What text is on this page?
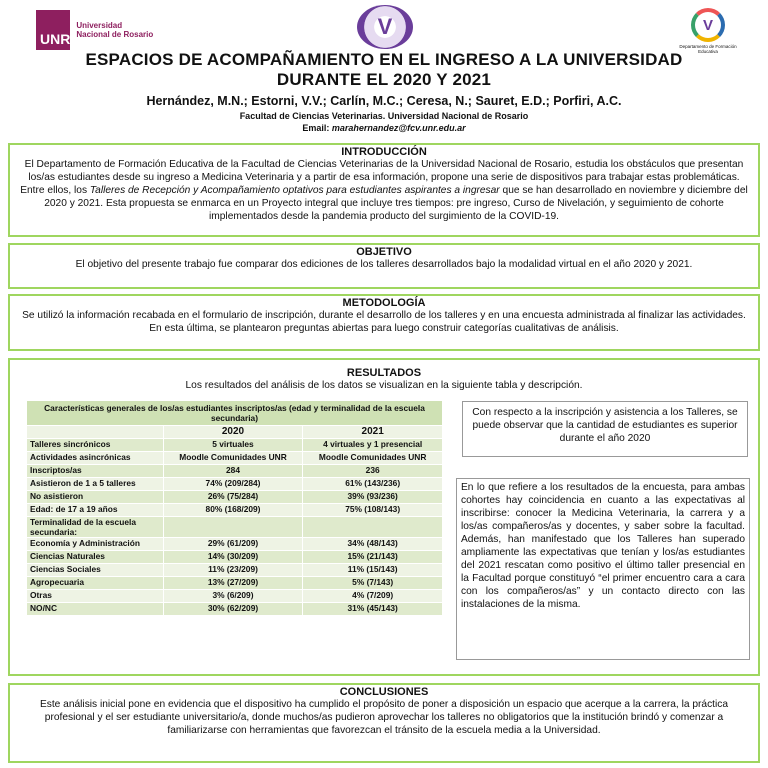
UNR
Universidad Nacional de Rosario	V	V
Departamento de Formación Educativa
ESPACIOS DE ACOMPAÑAMIENTO EN EL INGRESO A LA UNIVERSIDAD DURANTE EL 2020 Y 2021
Hernández, M.N.; Estorni, V.V.; Carlín, M.C.; Ceresa, N.; Sauret, E.D.; Porfiri, A.C.
Facultad de Ciencias Veterinarias. Universidad Nacional de Rosario
Email: marahernandez@fcv.unr.edu.ar
INTRODUCCIÓN
El Departamento de Formación Educativa de la Facultad de Ciencias Veterinarias de la Universidad Nacional de Rosario, estudia los obstáculos que presentan los/as estudiantes desde su ingreso a Medicina Veterinaria y a partir de esa información, propone una serie de dispositivos para trabajar estas problemáticas. Entre ellos, los Talleres de Recepción y Acompañamiento optativos para estudiantes aspirantes a ingresar que se han desarrollado en noviembre y diciembre del 2020 y 2021. Esta propuesta se enmarca en un Proyecto integral que incluye tres tiempos: pre ingreso, Curso de Nivelación, y seguimiento de cohorte implementados desde la pandemia producto del surgimiento de la COVID-19.
OBJETIVO
El objetivo del presente trabajo fue comparar dos ediciones de los talleres desarrollados bajo la modalidad virtual en el año 2020 y 2021.
METODOLOGÍA
Se utilizó la información recabada en el formulario de inscripción, durante el desarrollo de los talleres y en una encuesta administrada al finalizar las actividades. En esta última, se plantearon preguntas abiertas para luego construir categorías cualitativas de análisis.
RESULTADOS
Los resultados del análisis de los datos se visualizan en la siguiente tabla y descripción.
Características generales de los/as estudiantes inscriptos/as (edad y terminalidad de la escuela secundaria)		
	2020	2021
Talleres sincrónicos	5 virtuales	4 virtuales y 1 presencial
Actividades asincrónicas	Moodle Comunidades UNR	Moodle Comunidades UNR
Inscriptos/as	284	236
Asistieron de 1 a 5 talleres	74% (209/284)	61% (143/236)
No asistieron	26% (75/284)	39% (93/236)
Edad: de 17 a 19 años	80% (168/209)	75% (108/143)
Terminalidad de la escuela secundaria:		
Economía y Administración	29% (61/209)	34% (48/143)
Ciencias Naturales	14% (30/209)	15% (21/143)
Ciencias Sociales	11% (23/209)	11% (15/143)
Agropecuaria	13% (27/209)	5% (7/143)
Otras	3% (6/209)	4% (7/209)
NO/NC	30% (62/209)	31% (45/143)
Con respecto a la inscripción y asistencia a los Talleres, se puede observar que la cantidad de estudiantes es superior durante el año 2020
En lo que refiere a los resultados de la encuesta, para ambas cohortes hay coincidencia en cuanto a las expectativas al inscribirse: conocer la Medicina Veterinaria, la carrera y a los/as compañeros/as y docentes, y saber sobre la facultad. Además, han manifestado que los Talleres han superado ampliamente las expectativas que tenían y los/as estudiantes del 2021 rescatan como positivo el último taller presencial en la Facultad porque constituyó “el primer encuentro cara a cara con los compañeros/as” y un contacto directo con las instalaciones de la misma.
CONCLUSIONES
Este análisis inicial pone en evidencia que el dispositivo ha cumplido el propósito de poner a disposición un espacio que acerque a la carrera, la práctica profesional y el ser estudiante universitario/a, donde muchos/as pudieron aprovechar los talleres no obligatorios que la institución brindó y comenzar a familiarizarse con herramientas que favorezcan el tránsito de la escuela media a la Universidad.
